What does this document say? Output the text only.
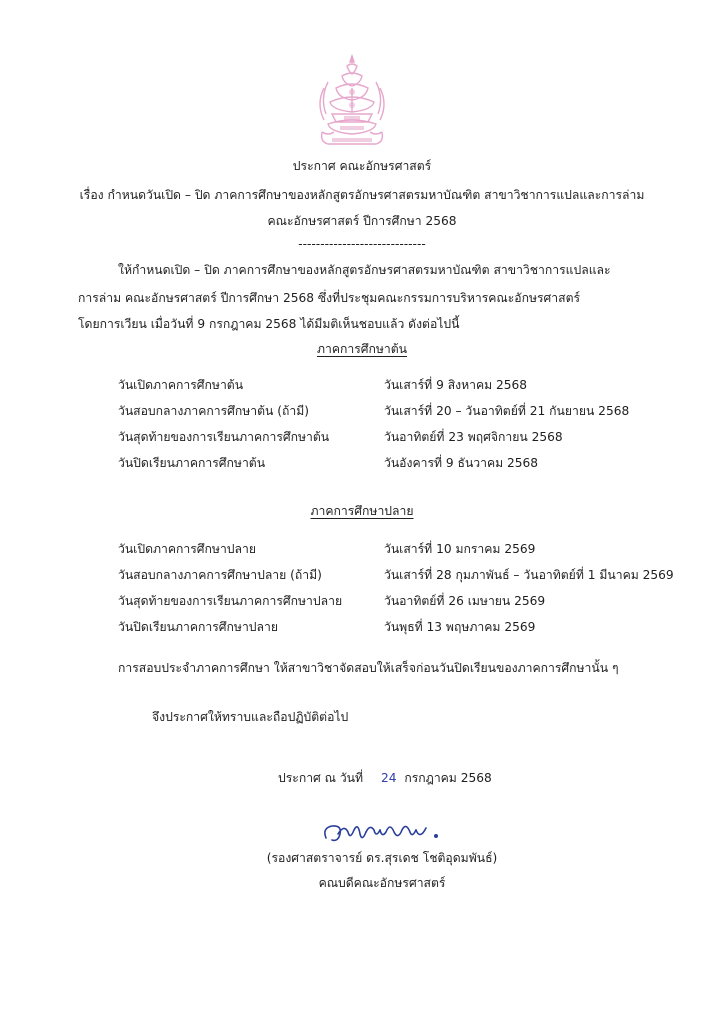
ประกาศ คณะอักษรศาสตร์
เรื่อง กำหนดวันเปิด – ปิด ภาคการศึกษาของหลักสูตรอักษรศาสตรมหาบัณฑิต สาขาวิชาการแปลและการล่าม
คณะอักษรศาสตร์ ปีการศึกษา 2568
-----------------------------
ให้กำหนดเปิด – ปิด ภาคการศึกษาของหลักสูตรอักษรศาสตรมหาบัณฑิต สาขาวิชาการแปลและ
การล่าม คณะอักษรศาสตร์ ปีการศึกษา 2568 ซึ่งที่ประชุมคณะกรรมการบริหารคณะอักษรศาสตร์
โดยการเวียน เมื่อวันที่ 9 กรกฎาคม 2568 ได้มีมติเห็นชอบแล้ว ดังต่อไปนี้
ภาคการศึกษาต้น
วันเปิดภาคการศึกษาต้น	วันเสาร์ที่ 9 สิงหาคม 2568
วันสอบกลางภาคการศึกษาต้น (ถ้ามี)	วันเสาร์ที่ 20 – วันอาทิตย์ที่ 21 กันยายน 2568
วันสุดท้ายของการเรียนภาคการศึกษาต้น	วันอาทิตย์ที่ 23 พฤศจิกายน 2568
วันปิดเรียนภาคการศึกษาต้น	วันอังคารที่ 9 ธันวาคม 2568
ภาคการศึกษาปลาย
วันเปิดภาคการศึกษาปลาย	วันเสาร์ที่ 10 มกราคม 2569
วันสอบกลางภาคการศึกษาปลาย (ถ้ามี)	วันเสาร์ที่ 28 กุมภาพันธ์ – วันอาทิตย์ที่ 1 มีนาคม 2569
วันสุดท้ายของการเรียนภาคการศึกษาปลาย	วันอาทิตย์ที่ 26 เมษายน 2569
วันปิดเรียนภาคการศึกษาปลาย	วันพุธที่ 13 พฤษภาคม 2569
การสอบประจำภาคการศึกษา ให้สาขาวิชาจัดสอบให้เสร็จก่อนวันปิดเรียนของภาคการศึกษานั้น ๆ
จึงประกาศให้ทราบและถือปฏิบัติต่อไป
ประกาศ ณ วันที่ 24 กรกฎาคม 2568
(รองศาสตราจารย์ ดร.สุรเดช โชติอุดมพันธ์)
คณบดีคณะอักษรศาสตร์
